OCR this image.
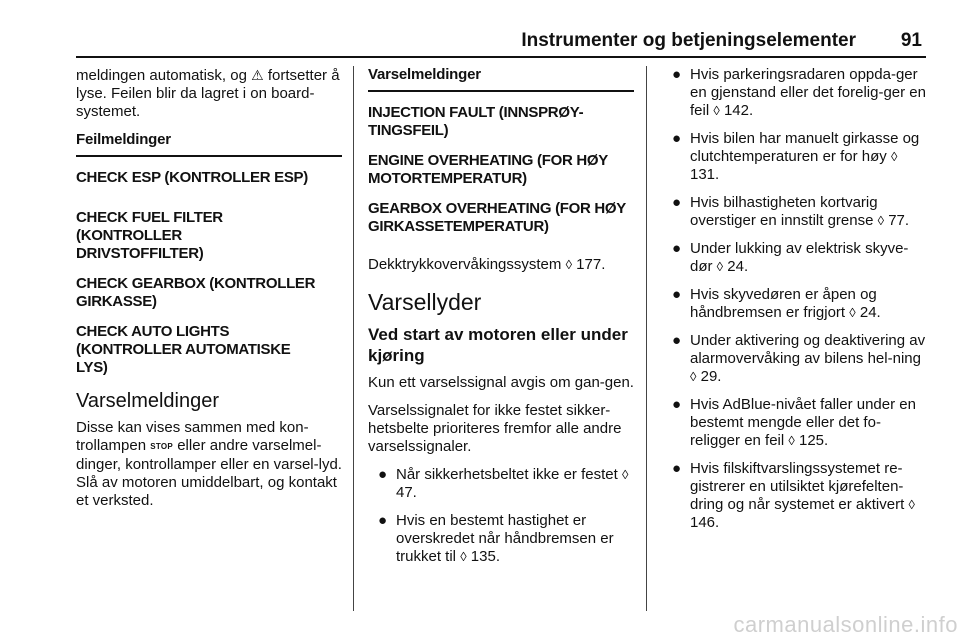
Instrumenter og betjeningselementer 91

meldingen automatisk, og ⚠ fortsetter å lyse. Feilen blir da lagret i on board-systemet.

Feilmeldinger
CHECK ESP (KONTROLLER ESP)
CHECK FUEL FILTER (KONTROLLER DRIVSTOFFILTER)
CHECK GEARBOX (KONTROLLER GIRKASSE)
CHECK AUTO LIGHTS (KONTROLLER AUTOMATISKE LYS)
Varselmeldinger

Disse kan vises sammen med kon-trollampen STOP eller andre varselmel-dinger, kontrollamper eller en varsel-lyd. Slå av motoren umiddelbart, og kontakt et verksted.

Varselmeldinger
INJECTION FAULT (INNSPRØY-TINGSFEIL)
ENGINE OVERHEATING (FOR HØY MOTORTEMPERATUR)
GEARBOX OVERHEATING (FOR HØY GIRKASSETEMPERATUR)

Dekktrykkovervåkingssystem ◊ 177.

Varsellyder
Ved start av motoren eller under kjøring

Kun ett varselssignal avgis om gan-gen.

Varselssignalet for ikke festet sikker-hetsbelte prioriteres fremfor alle andre varselssignaler.

● Når sikkerhetsbeltet ikke er festet ◊ 47.
● Hvis en bestemt hastighet er overskredet når håndbremsen er trukket til ◊ 135.
● Hvis parkeringsradaren oppda-ger en gjenstand eller det forelig-ger en feil ◊ 142.
● Hvis bilen har manuelt girkasse og clutchtemperaturen er for høy ◊ 131.
● Hvis bilhastigheten kortvarig overstiger en innstilt grense ◊ 77.
● Under lukking av elektrisk skyve-dør ◊ 24.
● Hvis skyvedøren er åpen og håndbremsen er frigjort ◊ 24.
● Under aktivering og deaktivering av alarmovervåking av bilens hel-ning ◊ 29.
● Hvis AdBlue-nivået faller under en bestemt mengde eller det fo-religger en feil ◊ 125.
● Hvis filskiftvarslingssystemet re-gistrerer en utilsiktet kjørefelten-dring og når systemet er aktivert ◊ 146.
carmanualsonline.info
